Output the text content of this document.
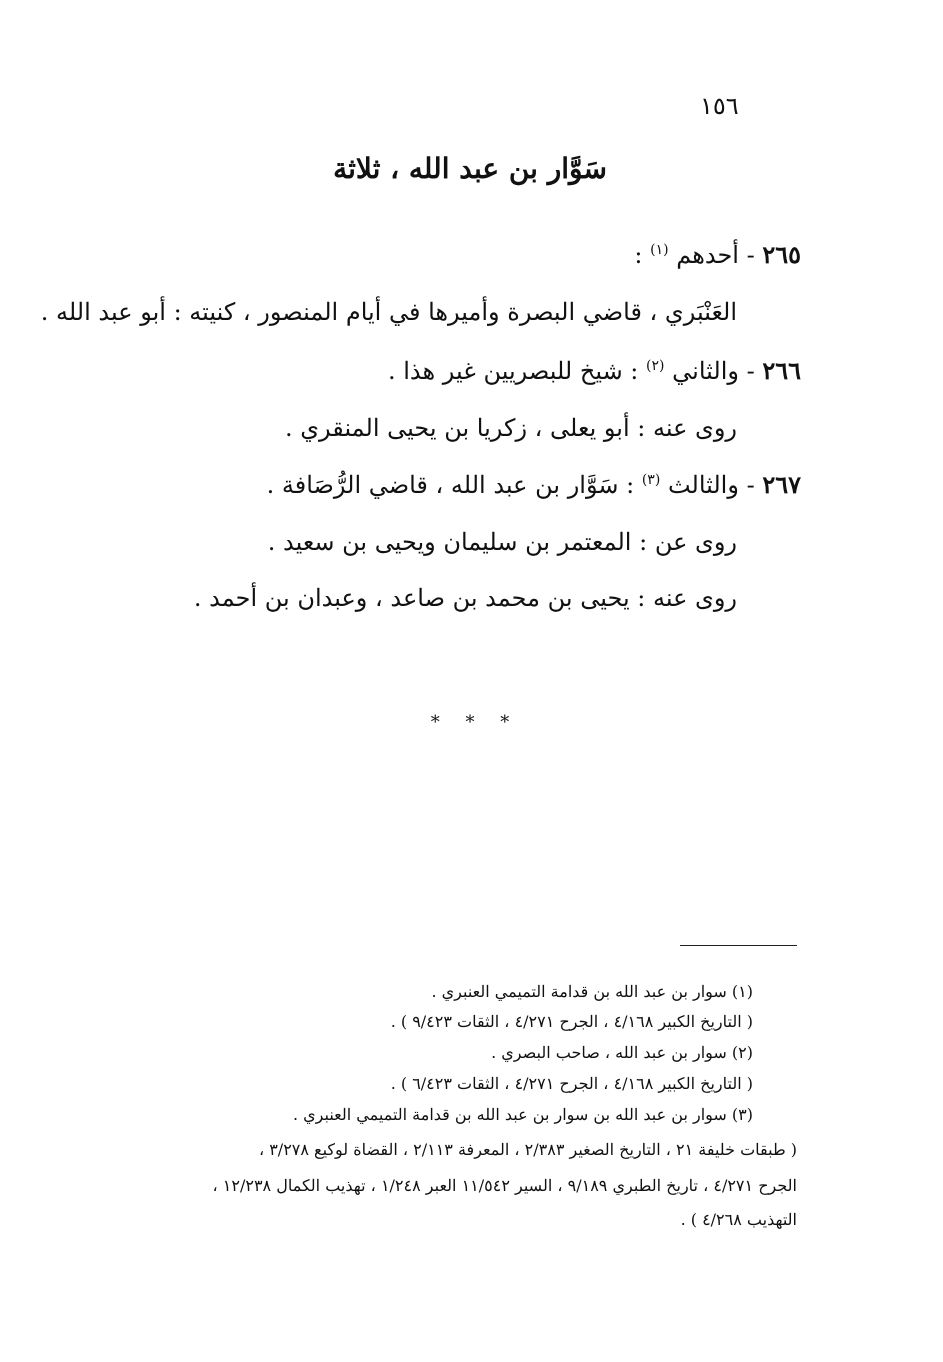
١٥٦
سَوَّار بن عبد الله ، ثلاثة
٢٦٥ - أحدهم $^{(١)}$ :
العَنْبَري ، قاضي البصرة وأميرها في أيام المنصور ، كنيته : أبو عبد الله .
٢٦٦ - والثاني $^{(٢)}$ : شيخ للبصريين غير هذا .
روى عنه : أبو يعلى ، زكريا بن يحيى المنقري .
٢٦٧ - والثالث $^{(٣)}$ : سَوَّار بن عبد الله ، قاضي الرُّصَافة .
روى عن : المعتمر بن سليمان ويحيى بن سعيد .
روى عنه : يحيى بن محمد بن صاعد ، وعبدان بن أحمد .
* * *
(١) سوار بن عبد الله بن قدامة التميمي العنبري .
( التاريخ الكبير ٤/١٦٨ ، الجرح ٤/٢٧١ ، الثقات ٩/٤٢٣ ) .
(٢) سوار بن عبد الله ، صاحب البصري .
( التاريخ الكبير ٤/١٦٨ ، الجرح ٤/٢٧١ ، الثقات ٦/٤٢٣ ) .
(٣) سوار بن عبد الله بن سوار بن عبد الله بن قدامة التميمي العنبري .
( طبقات خليفة ٢١ ، التاريخ الصغير ٢/٣٨٣ ، المعرفة ٢/١١٣ ، القضاة لوكيع ٣/٢٧٨ ،
الجرح ٤/٢٧١ ، تاريخ الطبري ٩/١٨٩ ، السير ١١/٥٤٢ العبر ١/٢٤٨ ، تهذيب الكمال ١٢/٢٣٨ ،
التهذيب ٤/٢٦٨ ) .
